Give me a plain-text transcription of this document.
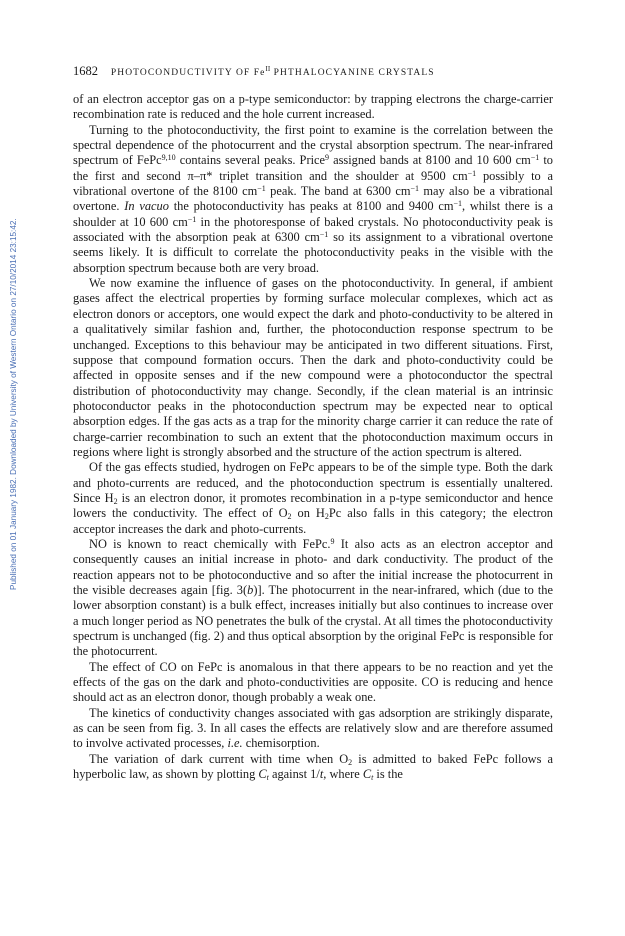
Published on 01 January 1982. Downloaded by University of Western Ontario on 27/10/2014 23:15:42.
1682 PHOTOCONDUCTIVITY OF $Fe^{II}$ PHTHALOCYANINE CRYSTALS

of an electron acceptor gas on a p-type semiconductor: by trapping electrons the charge-carrier recombination rate is reduced and the hole current increased.

Turning to the photoconductivity, the first point to examine is the correlation between the spectral dependence of the photocurrent and the crystal absorption spectrum. The near-infrared spectrum of FePc$^{9,10}$ contains several peaks. Price$^9$ assigned bands at 8100 and 10 600 $cm^{-1}$ to the first and second π–π* triplet transition and the shoulder at 9500 $cm^{-1}$ possibly to a vibrational overtone of the 8100 $cm^{-1}$ peak. The band at 6300 $cm^{-1}$ may also be a vibrational overtone. In vacuo the photoconductivity has peaks at 8100 and 9400 $cm^{-1}$, whilst there is a shoulder at 10 600 $cm^{-1}$ in the photoresponse of baked crystals. No photoconductivity peak is associated with the absorption peak at 6300 $cm^{-1}$ so its assignment to a vibrational overtone seems likely. It is difficult to correlate the photoconductivity peaks in the visible with the absorption spectrum because both are very broad.

We now examine the influence of gases on the photoconductivity. In general, if ambient gases affect the electrical properties by forming surface molecular complexes, which act as electron donors or acceptors, one would expect the dark and photo-conductivity to be altered in a qualitatively similar fashion and, further, the photoconduction response spectrum to be unchanged. Exceptions to this behaviour may be anticipated in two different situations. First, suppose that compound formation occurs. Then the dark and photo-conductivity could be affected in opposite senses and if the new compound were a photoconductor the spectral distribution of photoconductivity may change. Secondly, if the clean material is an intrinsic photoconductor peaks in the photoconduction spectrum may be expected near to optical absorption edges. If the gas acts as a trap for the minority charge carrier it can reduce the rate of charge-carrier recombination to such an extent that the photoconduction maximum occurs in regions where light is strongly absorbed and the structure of the action spectrum is altered.

Of the gas effects studied, hydrogen on FePc appears to be of the simple type. Both the dark and photo-currents are reduced, and the photoconduction spectrum is essentially unaltered. Since $H_2$ is an electron donor, it promotes recombination in a p-type semiconductor and hence lowers the conductivity. The effect of $O_2$ on $H_2Pc$ also falls in this category; the electron acceptor increases the dark and photo-currents.

NO is known to react chemically with FePc.$^9$ It also acts as an electron acceptor and consequently causes an initial increase in photo- and dark conductivity. The product of the reaction appears not to be photoconductive and so after the initial increase the photocurrent in the visible decreases again [fig. 3(b)]. The photocurrent in the near-infrared, which (due to the lower absorption constant) is a bulk effect, increases initially but also continues to increase over a much longer period as NO penetrates the bulk of the crystal. At all times the photoconductivity spectrum is unchanged (fig. 2) and thus optical absorption by the original FePc is responsible for the photocurrent.

The effect of CO on FePc is anomalous in that there appears to be no reaction and yet the effects of the gas on the dark and photo-conductivities are opposite. CO is reducing and hence should act as an electron donor, though probably a weak one.

The kinetics of conductivity changes associated with gas adsorption are strikingly disparate, as can be seen from fig. 3. In all cases the effects are relatively slow and are therefore assumed to involve activated processes, i.e. chemisorption.

The variation of dark current with time when $O_2$ is admitted to baked FePc follows a hyperbolic law, as shown by plotting $C_t$ against 1/t, where $C_t$ is the
